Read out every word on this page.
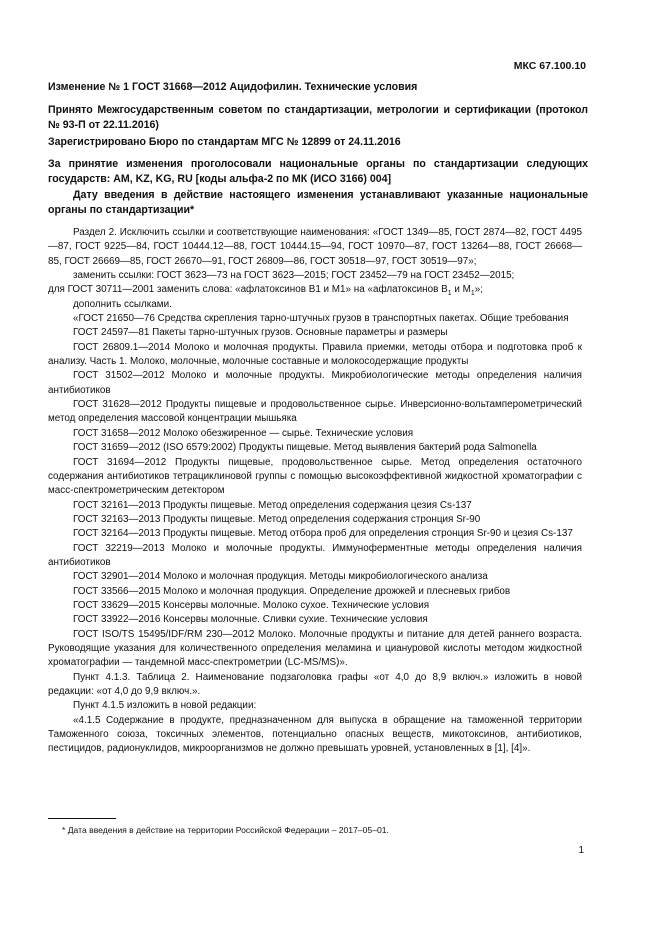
МКС 67.100.10
Изменение № 1 ГОСТ 31668—2012 Ацидофилин. Технические условия
Принято Межгосударственным советом по стандартизации, метрологии и сертификации (протокол № 93-П от 22.11.2016)
Зарегистрировано Бюро по стандартам МГС № 12899 от 24.11.2016
За принятие изменения проголосовали национальные органы по стандартизации следующих государств: AM, KZ, KG, RU [коды альфа-2 по МК (ИСО 3166) 004]
Дату введения в действие настоящего изменения устанавливают указанные национальные органы по стандартизации*

Раздел 2. Исключить ссылки и соответствующие наименования: «ГОСТ 1349—85, ГОСТ 2874—82, ГОСТ 4495—87, ГОСТ 9225—84, ГОСТ 10444.12—88, ГОСТ 10444.15—94, ГОСТ 10970—87, ГОСТ 13264—88, ГОСТ 26668—85, ГОСТ 26669—85, ГОСТ 26670—91, ГОСТ 26809—86, ГОСТ 30518—97, ГОСТ 30519—97»;

заменить ссылки: ГОСТ 3623—73 на ГОСТ 3623—2015; ГОСТ 23452—79 на ГОСТ 23452—2015;

для ГОСТ 30711—2001 заменить слова: «афлатоксинов В1 и М1» на «афлатоксинов $В_1$ и $М_1$»;

дополнить ссылками.

«ГОСТ 21650—76 Средства скрепления тарно-штучных грузов в транспортных пакетах. Общие требования

ГОСТ 24597—81 Пакеты тарно-штучных грузов. Основные параметры и размеры

ГОСТ 26809.1—2014 Молоко и молочная продукты. Правила приемки, методы отбора и подготовка проб к анализу. Часть 1. Молоко, молочные, молочные составные и молокосодержащие продукты

ГОСТ 31502—2012 Молоко и молочные продукты. Микробиологические методы определения наличия антибиотиков

ГОСТ 31628—2012 Продукты пищевые и продовольственное сырье. Инверсионно-вольтамперометрический метод определения массовой концентрации мышьяка

ГОСТ 31658—2012 Молоко обезжиренное — сырье. Технические условия

ГОСТ 31659—2012 (ISO 6579:2002) Продукты пищевые. Метод выявления бактерий рода Salmonella

ГОСТ 31694—2012 Продукты пищевые, продовольственное сырье. Метод определения остаточного содержания антибиотиков тетрациклиновой группы с помощью высокоэффективной жидкостной хроматографии с масс-спектрометрическим детектором

ГОСТ 32161—2013 Продукты пищевые. Метод определения содержания цезия Cs-137

ГОСТ 32163—2013 Продукты пищевые. Метод определения содержания стронция Sr-90

ГОСТ 32164—2013 Продукты пищевые. Метод отбора проб для определения стронция Sr-90 и цезия Cs-137

ГОСТ 32219—2013 Молоко и молочные продукты. Иммуноферментные методы определения наличия антибиотиков

ГОСТ 32901—2014 Молоко и молочная продукция. Методы микробиологического анализа

ГОСТ 33566—2015 Молоко и молочная продукция. Определение дрожжей и плесневых грибов

ГОСТ 33629—2015 Консервы молочные. Молоко сухое. Технические условия

ГОСТ 33922—2016 Консервы молочные. Сливки сухие. Технические условия

ГОСТ ISO/TS 15495/IDF/RM 230—2012 Молоко. Молочные продукты и питание для детей раннего возраста. Руководящие указания для количественного определения меламина и циануровой кислоты методом жидкостной хроматографии — тандемной масс-спектрометрии (LC-MS/MS)».

Пункт 4.1.3. Таблица 2. Наименование подзаголовка графы «от 4,0 до 8,9 включ.» изложить в новой редакции: «от 4,0 до 9,9 включ.».

Пункт 4.1.5 изложить в новой редакции:

«4.1.5 Содержание в продукте, предназначенном для выпуска в обращение на таможенной территории Таможенного союза, токсичных элементов, потенциально опасных веществ, микотоксинов, антибиотиков, пестицидов, радионуклидов, микроорганизмов не должно превышать уровней, установленных в [1], [4]».

* Дата введения в действие на территории Российской Федерации – 2017–05–01.
1
